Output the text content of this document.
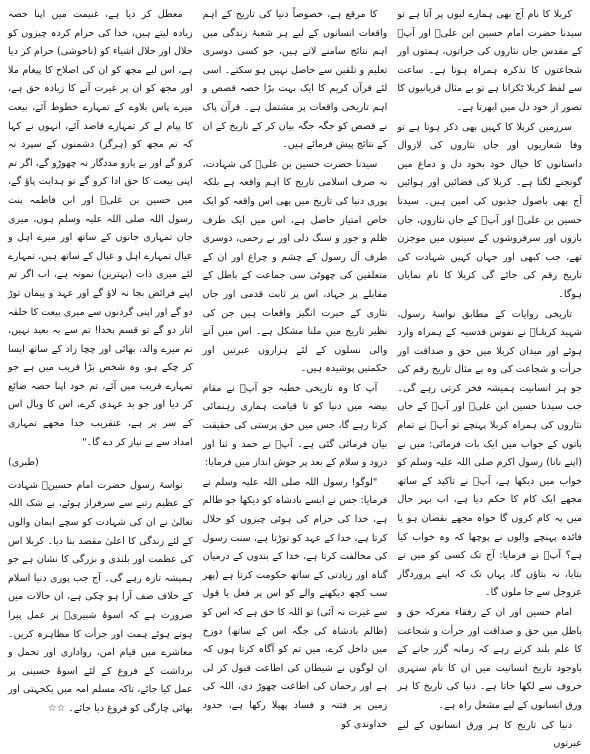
کربلا کا نام آج بھی ہمارے لبوں پر آتا ہے تو سیدنا حضرت امام حسین ابن علیؓ اور آپؓ کے مقدس جاں نثاروں کی جراتوں، ہمتوں اور شجاعتوں کا تذکرہ ہمراہ ہوتا ہے۔ ساعت سے لفظ کربلا ٹکراتا ہے تو بے مثال قربانیوں کا تصور از خود دل میں ابھرتا ہے۔

سرزمین کربلا کا کہیں بھی ذکر ہوتا ہے تو وفا شعاریوں اور جاں نثاروں کی لازوال داستانوں کا خیال خود بخود دل و دماغ میں گونجنے لگتا ہے۔ کربلا کی فضائیں اور ہوائیں آج بھی باصول جذبوں کی امین ہیں۔ سیدنا حسین بن علیؓ اور آپؓ کے جاں نثاروں، جاں بازوں اور سرفروشوں کے سینوں میں موجزن تھے، جب کبھی اور جہاں کہیں شہادت کی تاریخ رقم کی جائے گی کربلا کا نام نمایاں ہوگا۔

تاریخی روایات کے مطابق نواسۂ رسول، شہید کربلاؓ نے نفوس قدسیہ کے ہمراہ وارد ہوئے اور میدان کربلا میں حق و صداقت اور جرأت و شجاعت کی وہ بے مثال تاریخ رقم کی جو ہر انسانیت ہمیشہ فخر کرتی رہے گی۔ جب سیدنا حسین ابن علیؓ اور آپؓ کے جاں نثاروں کی ہمراہ کربلا پہنچے تو آپؓ نے تمام باتوں کے جواب میں ایک بات فرمائی: میں نے (اپنے نانا) رسول اکرم صلی اللہ علیہ وسلم کو خواب میں دیکھا ہے، آپؓ نے تاکید کے ساتھ مجھے ایک کام کا حکم دیا ہے، اب بہر حال میں یہ کام کروں گا خواہ مجھے نقصان ہو یا فائدہ پہنچے والوں نے پوچھا کہ وہ خواب کیا ہے؟ آپؓ نے فرمایا: آج تک کسی کو میں نے بتایا، نہ بتاؤں گا، یہاں تک کہ اپنے پروردگار عزوجل سے جا ملوں گا۔

امام حسین اور ان کے رفقاء معرکہ حق و باطل میں حق و صداقت اور جرأت و شجاعت کا علم بلند کرتے رہے کہ زمانہ گزر جانے کے باوجود تاریخ انسانیت میں ان کا نام سنہری حروف سے لکھا جاتا ہے۔ دنیا کی تاریخ کا ہر ورق انسانوں کے لیے مشعل راہ ہے۔

دنیا کی تاریخ کا ہر ورق انسانوں کے لیے عبرتوں

کا مرقع ہے، خصوصاً دنیا کی تاریخ کے اہم واقعات انسانوں کے لیے ہر شعبۂ زندگی میں اہم نتائج سامنے لاتے ہیں، جو کسی دوسری تعلیم و تلقین سے حاصل نہیں ہو سکتے۔ اسی لئے قرآن کریم کا ایک بہت بڑا حصہ قصص و اہم تاریخی واقعات پر مشتمل ہے۔ قرآن پاک نے قصص کو جگہ جگہ بیان کر کے تاریخ کے ان کے نتائج پیش فرمائے ہیں۔

سیدنا حضرت حسین بن علیؓ کی شہادت، نہ صرف اسلامی تاریخ کا اہم واقعہ ہے بلکہ پوری دنیا کی تاریخ میں بھی اس واقعہ کو ایک خاص امتیاز حاصل ہے، اس میں ایک طرف ظلم و جور و سنگ دلی اور بے رحمی، دوسری طرف آل رسول کے چشم و چراغ اور ان کے متعلقین کی چھوٹی سی جماعت کے باطل کے مقابلے پر جہاد، اس پر ثابت قدمی اور جاں نثاری کے حیرت انگیز واقعات ہیں جن کی نظیر تاریخ میں ملنا مشکل ہے۔ اس میں آنے والی نسلوں کے لئے ہزاروں عبرتیں اور حکمتیں پوشیدہ ہیں۔

آپ کا وہ تاریخی خطبہ جو آپؓ نے مقام بیضہ میں دنیا کو تا قیامت ہماری رہنمائی کرتا رہے گا، جس میں حق پرستی کی حقیقت بیان فرمائی گئی ہے۔ آپؓ نے حمد و ثنا اور درود و سلام کے بعد پر جوش انداز میں فرمایا:

"لوگو! رسول اللہ صلی اللہ علیہ وسلم نے فرمایا: جس نے ایسے بادشاہ کو دیکھا جو ظالم ہے، خدا کی حرام کی ہوئی چیزوں کو حلال کرتا ہے، خدا کے عہد کو توڑتا ہے، سنت رسول کی مخالفت کرتا ہے، خدا کے بندوں کے درمیان گناہ اور زیادتی کے ساتھ حکومت کرتا ہے (پھر سب کچھ دیکھنے والے کو اس پر فعل یا قول سے غیرت نہ آئی) تو اللہ کا حق ہے کہ اس کو (ظالم بادشاہ کی جگہ اس کے ساتھ) دوزخ میں داخل کرے، میں تم کو آگاہ کرتا ہوں کہ ان لوگوں نے شیطان کی اطاعت قبول کر لی ہے اور رحمان کی اطاعت چھوڑ دی، اللہ کی زمین پر فتنہ و فساد پھیلا رکھا ہے، حدود خداوندی کو

معطل کر دیا ہے، غنیمت میں اپنا حصہ زیادہ لیتے ہیں، خدا کی حرام کردہ چیزوں کو حلال اور حلال اشیاء کو (ناخوشی) حرام کر دیا ہے، اس لیے مجھ کو ان کی اصلاح کا پیغام ملا اور مجھ کو ان پر غیرت آنے کا زیادہ حق ہے، میرے پاس بلاوے کے تمہارے خطوط آئے، بیعت کا پیام لے کر تمہارے قاصد آئے، انہوں نے کہا کہ تم مجھ کو (ہرگز) دشمنوں کے سپرد نہ کرو گے اور بے یارو مددگار نہ چھوڑو گے، اگر تم اپنی بیعت کا حق ادا کرو گے تو ہدایت پاؤ گے، میں حسین بن علیؓ اور ابن فاطمہ بنت رسول اللہ صلی اللہ علیہ وسلم ہوں، میری جان تمہاری جانوں کے ساتھ اور میرے اہل و عیال تمہارے اہل و عیال کے ساتھ ہیں، تمہارے لئے میری ذات (بہترین) نمونہ ہے، اب اگر تم اپنے فرائض بجا نہ لاؤ گے اور عہد و پیمان توڑ دو گے اور اپنی گردنوں سے میری بیعت کا حلقہ اتار دو گے تو قسم بخدا! تم سے یہ بعید نہیں، تم میرے والد، بھائی اور چچا زاد کے ساتھ ایسا کر چکے ہو، وہ شخص بڑا فریب میں ہے جو تمہارے فریب میں آئے، تم خود اپنا حصہ ضائع کر دیا اور جو بد عہدی کرے، اس کا وبال اس کے سر پر ہے، عنقریب خدا مجھے تمہاری امداد سے بے نیاز کر دے گا۔"

(طبری)

نواسۂ رسول حضرت امام حسینؓ شہادت کے عظیم رتبے سے سرفراز ہوئے، بے شک اللہ تعالیٰ نے ان کی شہادت کو سچے ایمان والوں کے لئے زندگی کا اعلیٰ مقصد بنا دیا۔ کربلا اس کی عظمت اور بلندی و بزرگی کا نشان ہے جو ہمیشہ تازہ رہے گی۔ آج جب پوری دنیا اسلام کے خلاف صف آرا ہو چکی ہے، ان حالات میں ضرورت ہے کہ اسوۂ شبیریؓ پر عمل پیرا ہوتے ہوئے ہمت اور جرأت کا مظاہرہ کریں۔ معاشرے میں قیام امن، رواداری اور تحمل و برداشت کے فروغ کے لئے اسوۂ حسینی پر عمل کیا جائے، تاکہ مسلم امہ میں یکجہتی اور بھائی چارگی کو فروغ دیا جائے۔ ☆☆
